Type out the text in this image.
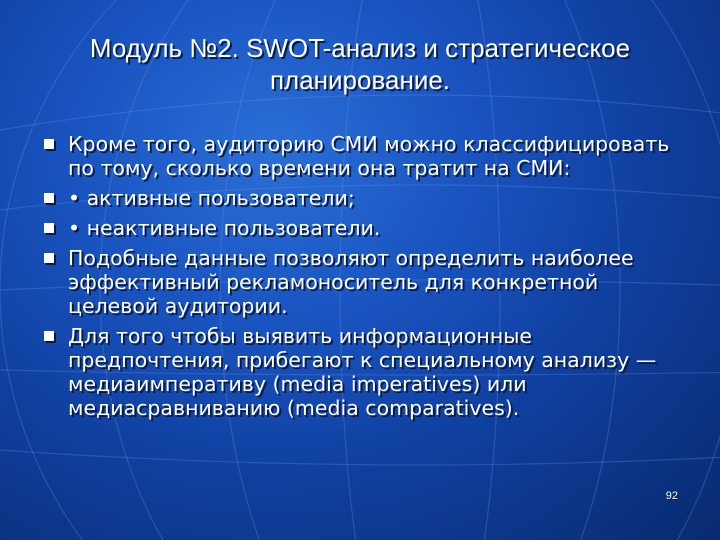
Модуль №2. SWOT-анализ и стратегическое
планирование.
Кроме того, аудиторию СМИ можно классифицировать по тому, сколько времени она тратит на СМИ:
• активные пользователи;
• неактивные пользователи.
Подобные данные позволяют определить наиболее эффективный рекламоноситель для конкретной целевой аудитории.
Для того чтобы выявить информационные предпочтения, прибегают к специальному анализу — медиаимперативу (media imperatives) или медиасравниванию (media comparatives).
92
